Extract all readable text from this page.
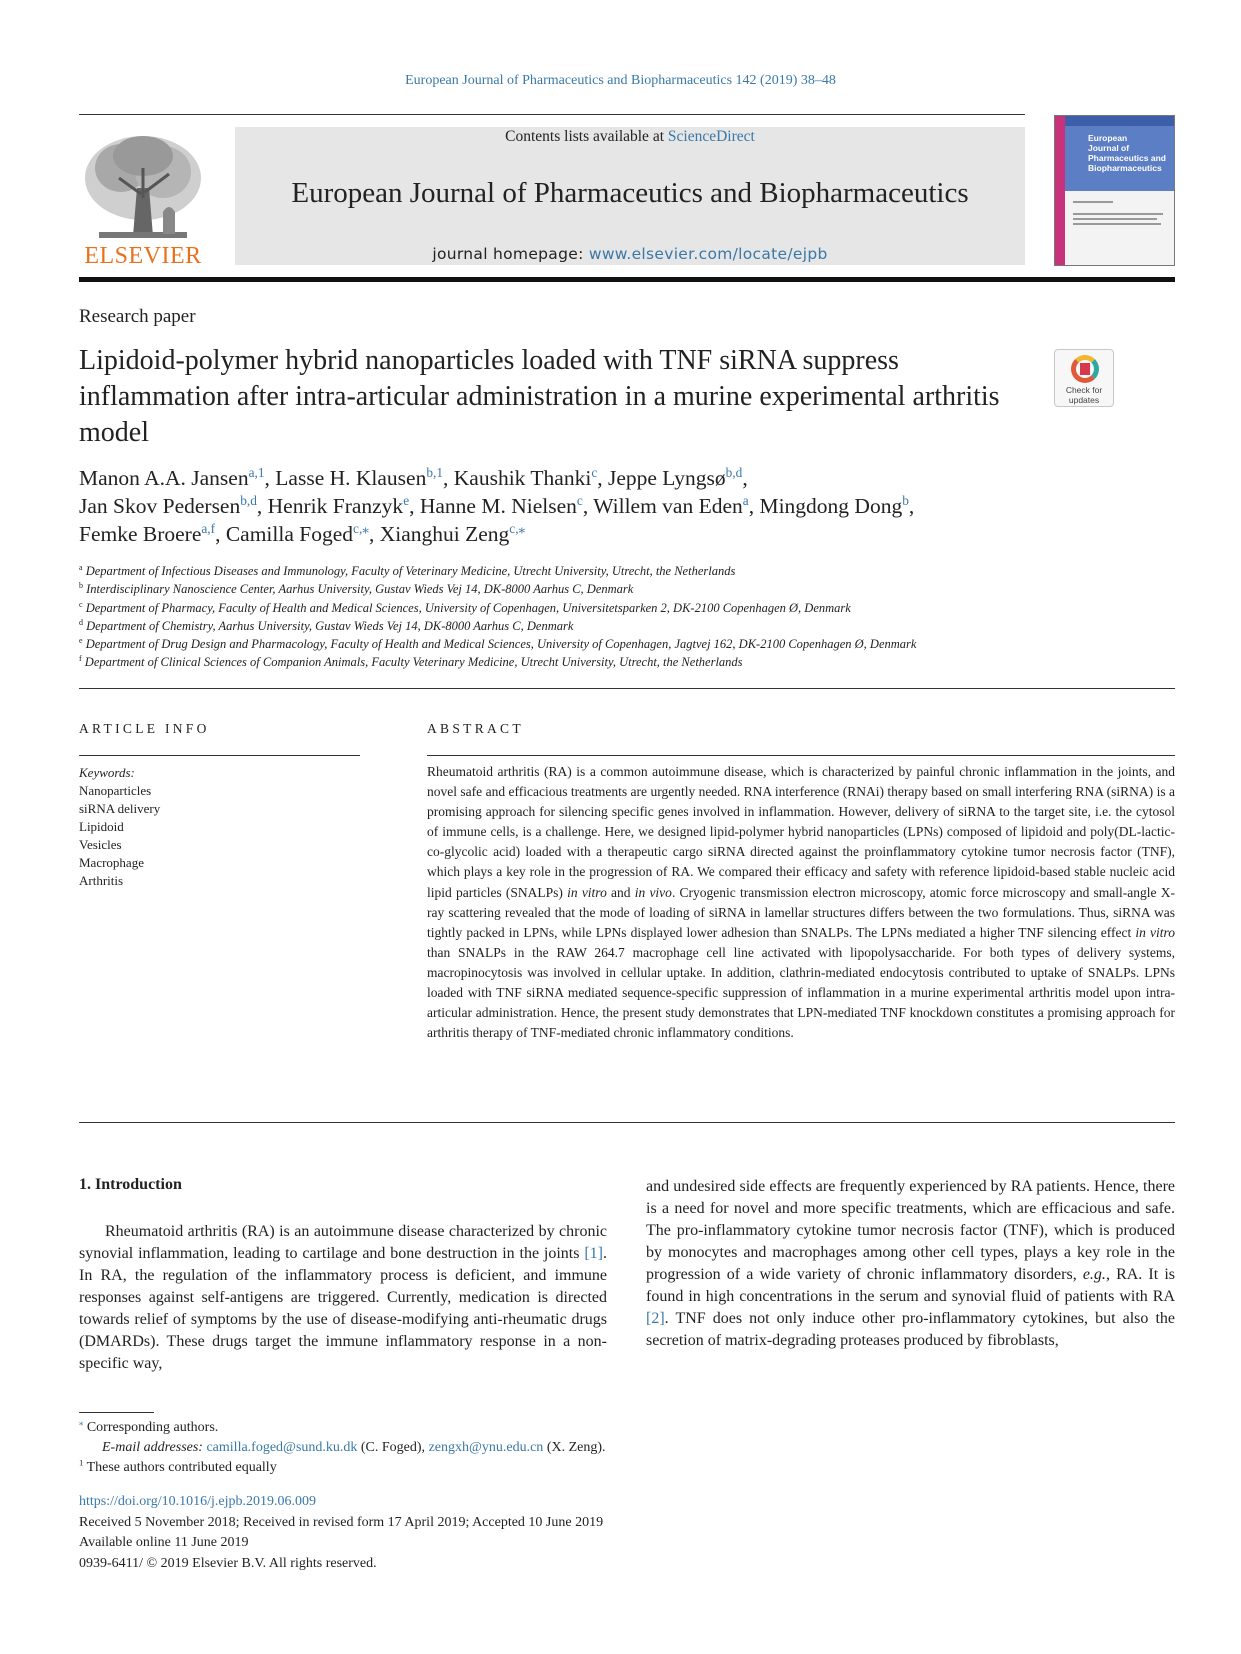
European Journal of Pharmaceutics and Biopharmaceutics 142 (2019) 38–48
ELSEVIER
Contents lists available at ScienceDirect
European Journal of Pharmaceutics and Biopharmaceutics
journal homepage: www.elsevier.com/locate/ejpb
European
Journal of
Pharmaceutics and
Biopharmaceutics
Research paper
Lipidoid-polymer hybrid nanoparticles loaded with TNF siRNA suppress inflammation after intra-articular administration in a murine experimental arthritis model
Check for updates
Manon A.A. Jansen$^{a,1}$, Lasse H. Klausen$^{b,1}$, Kaushik Thanki$^c$, Jeppe Lyngsø$^{b,d}$,
Jan Skov Pedersen$^{b,d}$, Henrik Franzyk$^e$, Hanne M. Nielsen$^c$, Willem van Eden$^a$, Mingdong Dong$^b$,
Femke Broere$^{a,f}$, Camilla Foged$^{c,⁎}$, Xianghui Zeng$^{c,⁎}$
$^a$ Department of Infectious Diseases and Immunology, Faculty of Veterinary Medicine, Utrecht University, Utrecht, the Netherlands
$^b$ Interdisciplinary Nanoscience Center, Aarhus University, Gustav Wieds Vej 14, DK-8000 Aarhus C, Denmark
$^c$ Department of Pharmacy, Faculty of Health and Medical Sciences, University of Copenhagen, Universitetsparken 2, DK-2100 Copenhagen Ø, Denmark
$^d$ Department of Chemistry, Aarhus University, Gustav Wieds Vej 14, DK-8000 Aarhus C, Denmark
$^e$ Department of Drug Design and Pharmacology, Faculty of Health and Medical Sciences, University of Copenhagen, Jagtvej 162, DK-2100 Copenhagen Ø, Denmark
$^f$ Department of Clinical Sciences of Companion Animals, Faculty Veterinary Medicine, Utrecht University, Utrecht, the Netherlands
ARTICLE INFO
Keywords:
Nanoparticles
siRNA delivery
Lipidoid
Vesicles
Macrophage
Arthritis
ABSTRACT
Rheumatoid arthritis (RA) is a common autoimmune disease, which is characterized by painful chronic inflammation in the joints, and novel safe and efficacious treatments are urgently needed. RNA interference (RNAi) therapy based on small interfering RNA (siRNA) is a promising approach for silencing specific genes involved in inflammation. However, delivery of siRNA to the target site, i.e. the cytosol of immune cells, is a challenge. Here, we designed lipid-polymer hybrid nanoparticles (LPNs) composed of lipidoid and poly(DL-lactic-co-glycolic acid) loaded with a therapeutic cargo siRNA directed against the proinflammatory cytokine tumor necrosis factor (TNF), which plays a key role in the progression of RA. We compared their efficacy and safety with reference lipidoid-based stable nucleic acid lipid particles (SNALPs) in vitro and in vivo. Cryogenic transmission electron microscopy, atomic force microscopy and small-angle X-ray scattering revealed that the mode of loading of siRNA in lamellar structures differs between the two formulations. Thus, siRNA was tightly packed in LPNs, while LPNs displayed lower adhesion than SNALPs. The LPNs mediated a higher TNF silencing effect in vitro than SNALPs in the RAW 264.7 macrophage cell line activated with lipopolysaccharide. For both types of delivery systems, macropinocytosis was involved in cellular uptake. In addition, clathrin-mediated endocytosis contributed to uptake of SNALPs. LPNs loaded with TNF siRNA mediated sequence-specific suppression of inflammation in a murine experimental arthritis model upon intra-articular administration. Hence, the present study demonstrates that LPN-mediated TNF knockdown constitutes a promising approach for arthritis therapy of TNF-mediated chronic inflammatory conditions.
1. Introduction
Rheumatoid arthritis (RA) is an autoimmune disease characterized by chronic synovial inflammation, leading to cartilage and bone destruction in the joints [1]. In RA, the regulation of the inflammatory process is deficient, and immune responses against self-antigens are triggered. Currently, medication is directed towards relief of symptoms by the use of disease-modifying anti-rheumatic drugs (DMARDs). These drugs target the immune inflammatory response in a non-specific way,
and undesired side effects are frequently experienced by RA patients. Hence, there is a need for novel and more specific treatments, which are efficacious and safe. The pro-inflammatory cytokine tumor necrosis factor (TNF), which is produced by monocytes and macrophages among other cell types, plays a key role in the progression of a wide variety of chronic inflammatory disorders, e.g., RA. It is found in high concentrations in the serum and synovial fluid of patients with RA [2]. TNF does not only induce other pro-inflammatory cytokines, but also the secretion of matrix-degrading proteases produced by fibroblasts,
⁎ Corresponding authors.
E-mail addresses: camilla.foged@sund.ku.dk (C. Foged), zengxh@ynu.edu.cn (X. Zeng).
$^1$ These authors contributed equally
https://doi.org/10.1016/j.ejpb.2019.06.009
Received 5 November 2018; Received in revised form 17 April 2019; Accepted 10 June 2019
Available online 11 June 2019
0939-6411/ © 2019 Elsevier B.V. All rights reserved.
